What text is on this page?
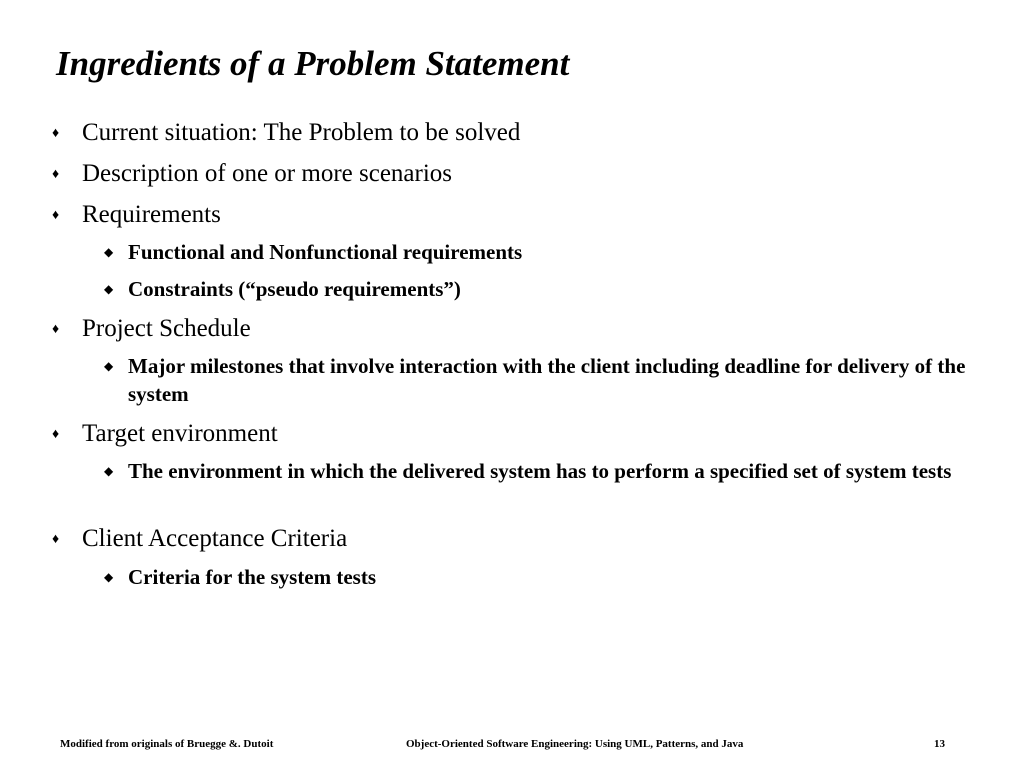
Ingredients of a Problem Statement
♦ Current situation: The Problem to be solved
♦ Description of one or more scenarios
♦ Requirements
◆ Functional and Nonfunctional requirements
◆ Constraints (“pseudo requirements”)
♦ Project Schedule
◆ Major milestones that involve interaction with the client including deadline for delivery of the system
♦ Target environment
◆ The environment in which the delivered system has to perform a specified set of system tests
♦ Client Acceptance Criteria
◆ Criteria for the system tests
Modified from originals of Bruegge &. Dutoit	Object-Oriented Software Engineering: Using UML, Patterns, and Java	13
